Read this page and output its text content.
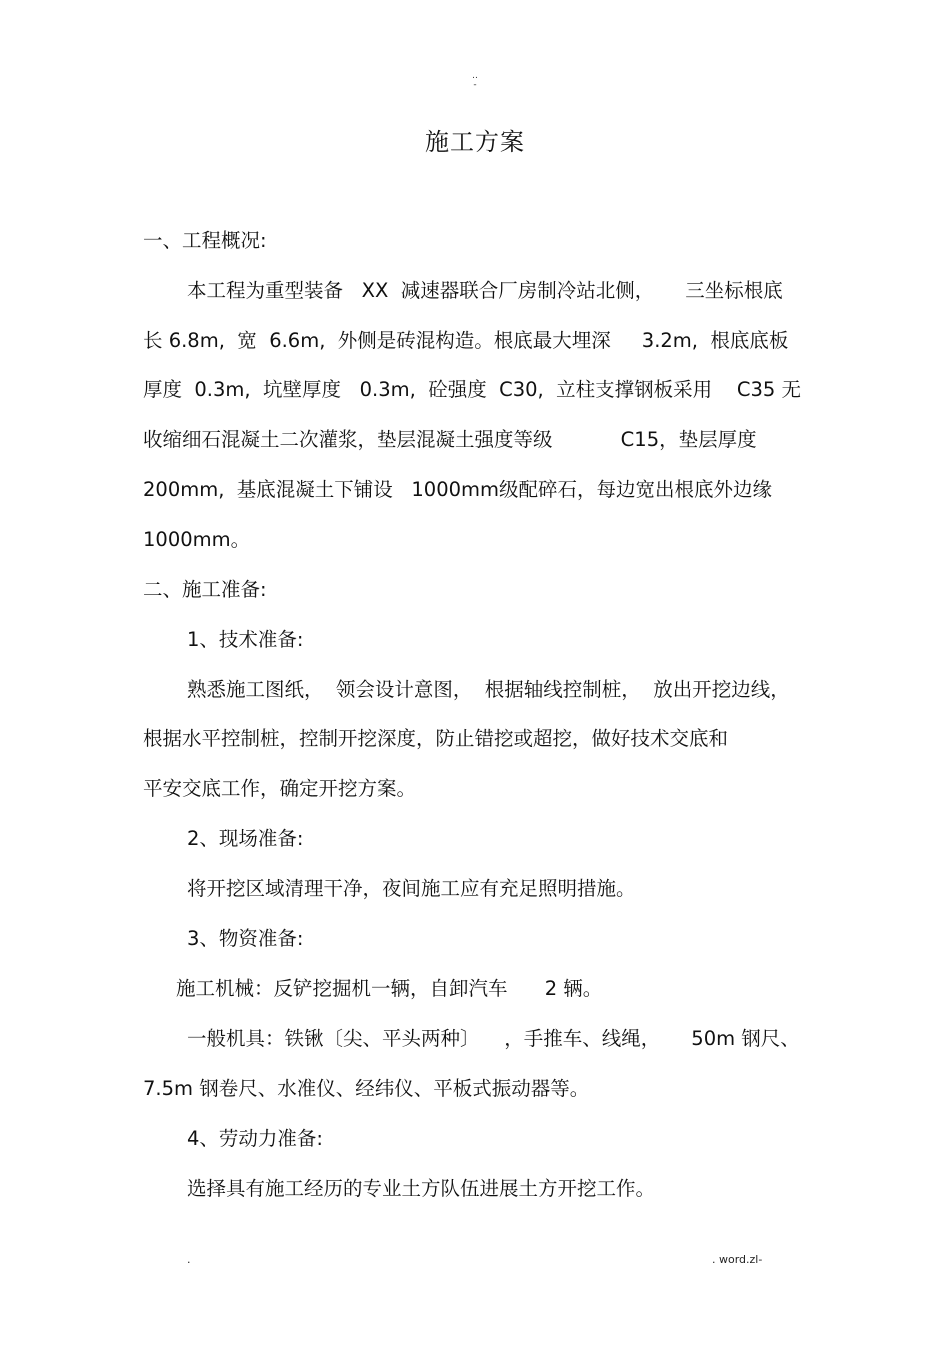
..
-
施工方案
一、工程概况:
本工程为重型装备   XX  减速器联合厂房制冷站北侧，     三坐标根底
长 6.8m,  宽  6.6m,  外侧是砖混构造。根底最大埋深     3.2m,  根底底板
厚度  0.3m,  坑壁厚度   0.3m,  砼强度  C30,  立柱支撑钢板采用    C35 无
收缩细石混凝土二次灌浆，垫层混凝土强度等级           C15，垫层厚度
200mm,  基底混凝土下铺设   1000mm级配碎石，每边宽出根底外边缘
1000mm。
二、施工准备:
1、技术准备:
熟悉施工图纸，  领会设计意图，  根据轴线控制桩，  放出开挖边线，
根据水平控制桩，控制开挖深度，防止错挖或超挖，做好技术交底和
平安交底工作，确定开挖方案。
2、现场准备:
将开挖区域清理干净，夜间施工应有充足照明措施。
3、物资准备:
施工机械：反铲挖掘机一辆，自卸汽车      2 辆。
一般机具：铁锹〔尖、平头两种〕    ，手推车、线绳，     50m 钢尺、
7.5m 钢卷尺、水准仪、经纬仪、平板式振动器等。
4、劳动力准备:
选择具有施工经历的专业土方队伍进展土方开挖工作。
.	. word.zl-
